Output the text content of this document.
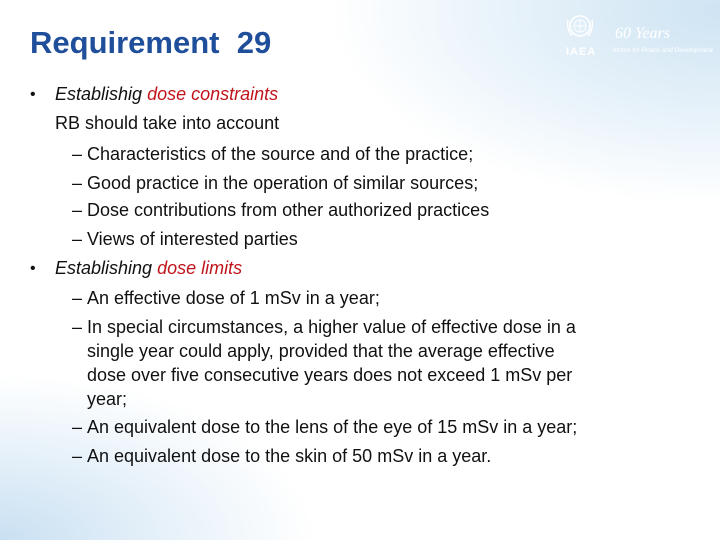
Requirement  29	60 Years
IAEA Atoms for Peace and Development
• Establishig dose constraints
RB should take into account
– Characteristics of the source and of the practice;
– Good practice in the operation of similar sources;
– Dose contributions from other authorized practices
– Views of interested parties
• Establishing dose limits
– An effective dose of 1 mSv in a year;
– In special circumstances, a higher value of effective dose in a
single year could apply, provided that the average effective
dose over five consecutive years does not exceed 1 mSv per
year;
– An equivalent dose to the lens of the eye of 15 mSv in a year;
– An equivalent dose to the skin of 50 mSv in a year.
